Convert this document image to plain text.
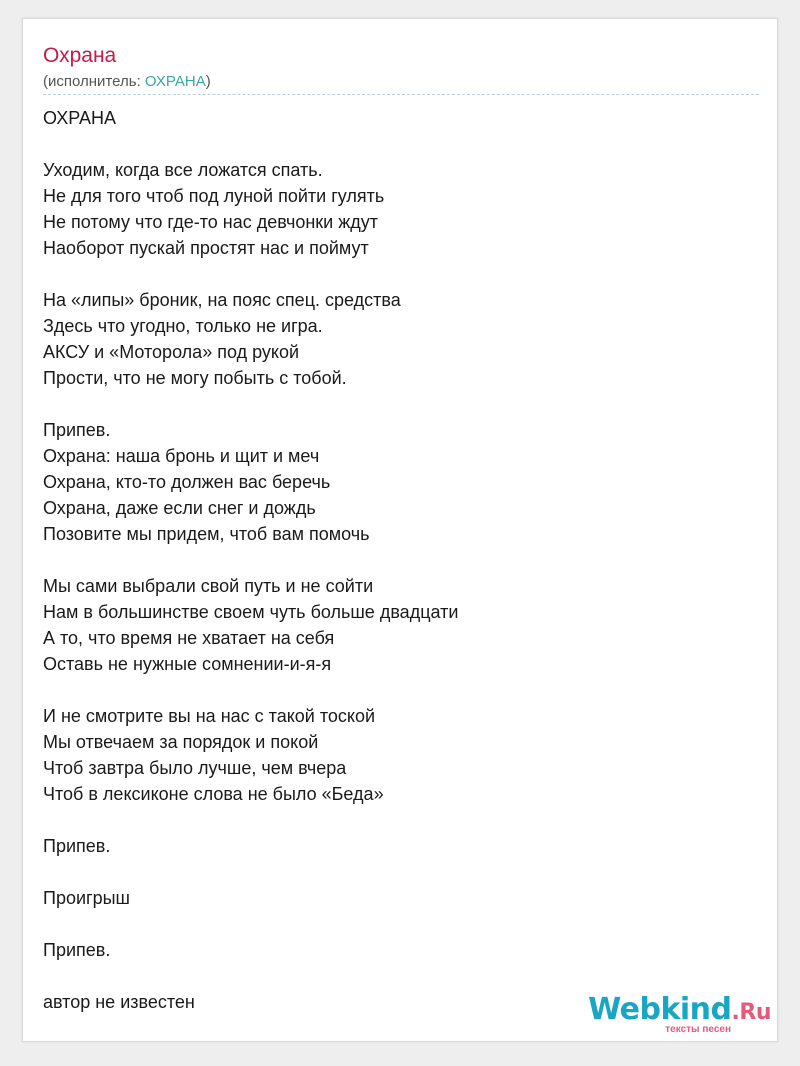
Охрана
(исполнитель: ОХРАНА)
ОХРАНА
Уходим, когда все ложатся спать.
Не для того чтоб под луной пойти гулять
Не потому что где-то нас девчонки ждут
Наоборот пускай простят нас и поймут
На «липы» броник, на пояс спец. средства
Здесь что угодно, только не игра.
АКСУ и «Моторола» под рукой
Прости, что не могу побыть с тобой.
Припев.
Охрана: наша бронь и щит и меч
Охрана, кто-то должен вас беречь
Охрана, даже если снег и дождь
Позовите мы придем, чтоб вам помочь
Мы сами выбрали свой путь и не сойти
Нам в большинстве своем чуть больше двадцати
А то, что время не хватает на себя
Оставь не нужные сомнении-и-я-я
И не смотрите вы на нас с такой тоской
Мы отвечаем за порядок и покой
Чтоб завтра было лучше, чем вчера
Чтоб в лексиконе слова не было «Беда»
Припев.
Проигрыш
Припев.
автор не известен	Webkind.Ru
тексты песен
